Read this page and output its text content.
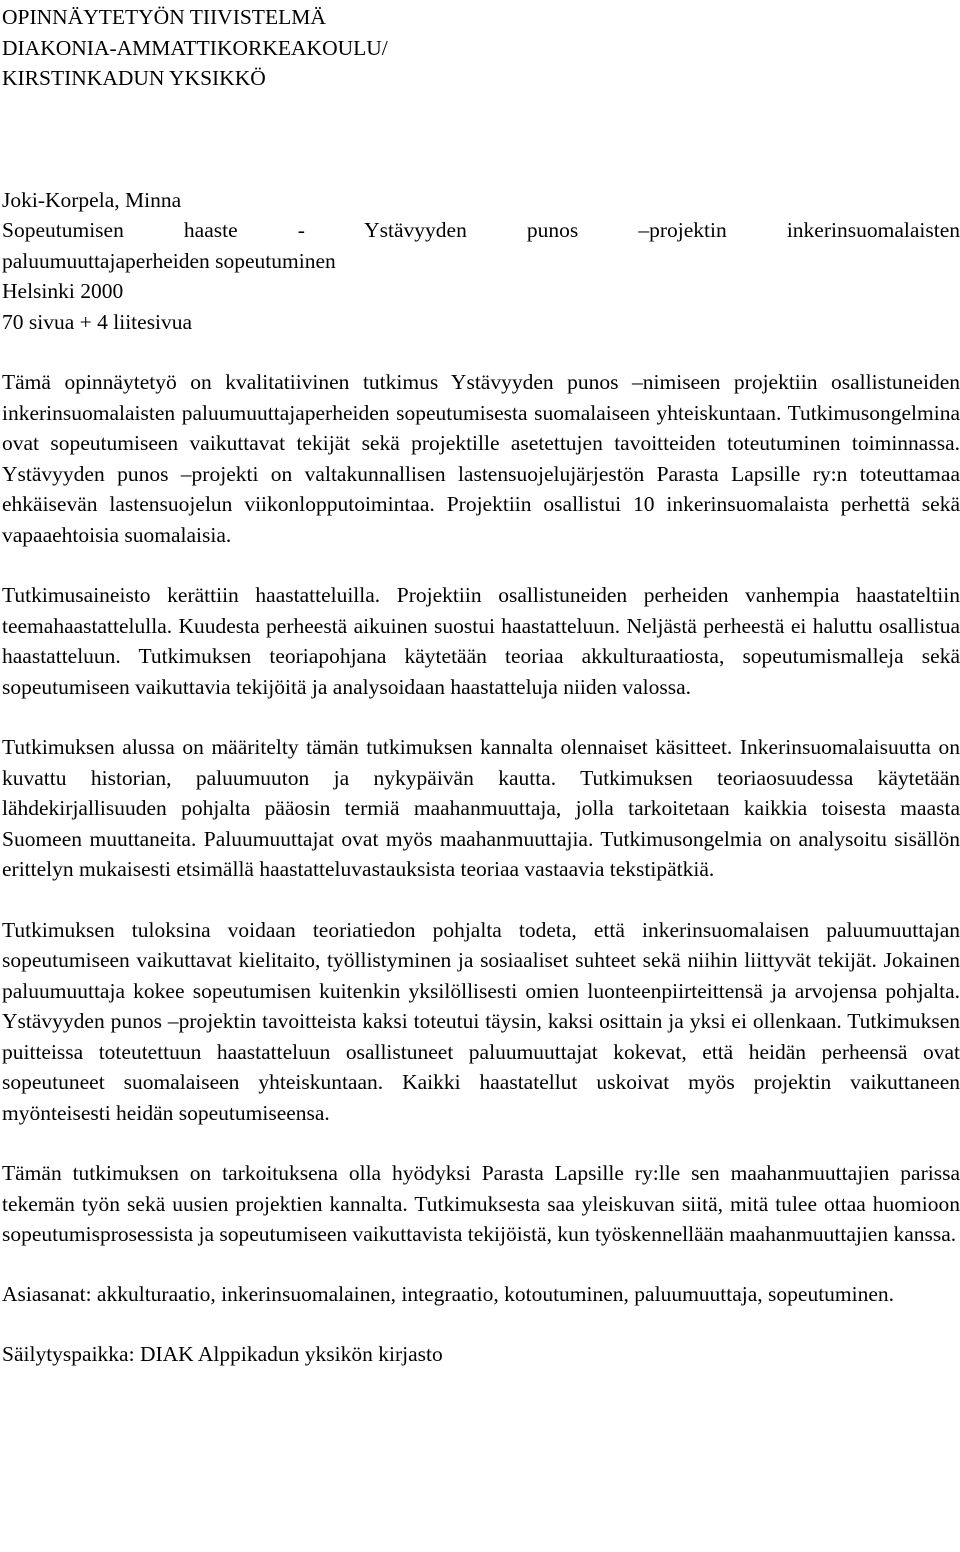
OPINNÄYTETYÖN TIIVISTELMÄ
DIAKONIA-AMMATTIKORKEAKOULU/
KIRSTINKADUN YKSIKKÖ
Joki-Korpela, Minna
Sopeutumisen haaste - Ystävyyden punos –projektin inkerinsuomalaisten
paluumuuttajaperheiden sopeutuminen
Helsinki 2000
70 sivua + 4 liitesivua

Tämä opinnäytetyö on kvalitatiivinen tutkimus Ystävyyden punos –nimiseen projektiin osallistuneiden inkerinsuomalaisten paluumuuttajaperheiden sopeutumisesta suomalaiseen yhteiskuntaan. Tutkimusongelmina ovat sopeutumiseen vaikuttavat tekijät sekä projektille asetettujen tavoitteiden toteutuminen toiminnassa. Ystävyyden punos –projekti on valtakunnallisen lastensuojelujärjestön Parasta Lapsille ry:n toteuttamaa ehkäisevän lastensuojelun viikonlopputoimintaa. Projektiin osallistui 10 inkerinsuomalaista perhettä sekä vapaaehtoisia suomalaisia.

Tutkimusaineisto kerättiin haastatteluilla. Projektiin osallistuneiden perheiden vanhempia haastateltiin teemahaastattelulla. Kuudesta perheestä aikuinen suostui haastatteluun. Neljästä perheestä ei haluttu osallistua haastatteluun. Tutkimuksen teoriapohjana käytetään teoriaa akkulturaatiosta, sopeutumismalleja sekä sopeutumiseen vaikuttavia tekijöitä ja analysoidaan haastatteluja niiden valossa.

Tutkimuksen alussa on määritelty tämän tutkimuksen kannalta olennaiset käsitteet. Inkerinsuomalaisuutta on kuvattu historian, paluumuuton ja nykypäivän kautta. Tutkimuksen teoriaosuudessa käytetään lähdekirjallisuuden pohjalta pääosin termiä maahanmuuttaja, jolla tarkoitetaan kaikkia toisesta maasta Suomeen muuttaneita. Paluumuuttajat ovat myös maahanmuuttajia. Tutkimusongelmia on analysoitu sisällön erittelyn mukaisesti etsimällä haastatteluvastauksista teoriaa vastaavia tekstipätkiä.

Tutkimuksen tuloksina voidaan teoriatiedon pohjalta todeta, että inkerinsuomalaisen paluumuuttajan sopeutumiseen vaikuttavat kielitaito, työllistyminen ja sosiaaliset suhteet sekä niihin liittyvät tekijät. Jokainen paluumuuttaja kokee sopeutumisen kuitenkin yksilöllisesti omien luonteenpiirteittensä ja arvojensa pohjalta. Ystävyyden punos –projektin tavoitteista kaksi toteutui täysin, kaksi osittain ja yksi ei ollenkaan. Tutkimuksen puitteissa toteutettuun haastatteluun osallistuneet paluumuuttajat kokevat, että heidän perheensä ovat sopeutuneet suomalaiseen yhteiskuntaan. Kaikki haastatellut uskoivat myös projektin vaikuttaneen myönteisesti heidän sopeutumiseensa.

Tämän tutkimuksen on tarkoituksena olla hyödyksi Parasta Lapsille ry:lle sen maahanmuuttajien parissa tekemän työn sekä uusien projektien kannalta. Tutkimuksesta saa yleiskuvan siitä, mitä tulee ottaa huomioon sopeutumisprosessista ja sopeutumiseen vaikuttavista tekijöistä, kun työskennellään maahanmuuttajien kanssa.

Asiasanat: akkulturaatio, inkerinsuomalainen, integraatio, kotoutuminen, paluumuuttaja, sopeutuminen.

Säilytyspaikka: DIAK Alppikadun yksikön kirjasto
